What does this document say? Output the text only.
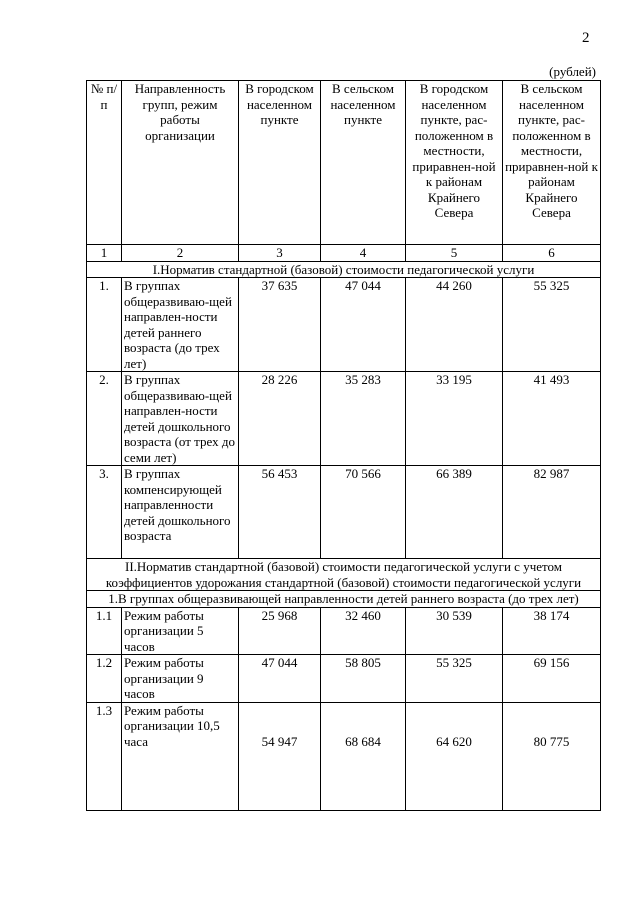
2
(рублей)
№ п/п	Направленность групп, режим работы организации	В городском населенном пункте	В сельском населенном пункте	В городском населенном пункте, рас-положенном в местности, приравнен-ной к районам Крайнего Севера	В сельском населенном пункте, рас-положенном в местности, приравнен-ной к районам Крайнего Севера
1	2	3	4	5	6
I.Норматив стандартной (базовой) стоимости педагогической услуги					
1.	В группах общеразвиваю-щей направлен-ности детей раннего возраста (до трех лет)	37 635	47 044	44 260	55 325
2.	В группах общеразвиваю-щей направлен-ности детей дошкольного возраста (от трех до семи лет)	28 226	35 283	33 195	41 493
3.	В группах компенсирующей направленности детей дошкольного возраста	56 453	70 566	66 389	82 987
II.Норматив стандартной (базовой) стоимости педагогической услуги с учетом коэффициентов удорожания стандартной (базовой) стоимости педагогической услуги					
1.В группах общеразвивающей направленности детей раннего возраста (до трех лет)					
1.1	Режим работы организации 5 часов	25 968	32 460	30 539	38 174
1.2	Режим работы организации 9 часов	47 044	58 805	55 325	69 156
1.3	Режим работы организации 10,5 часа	54 947	68 684	64 620	80 775
